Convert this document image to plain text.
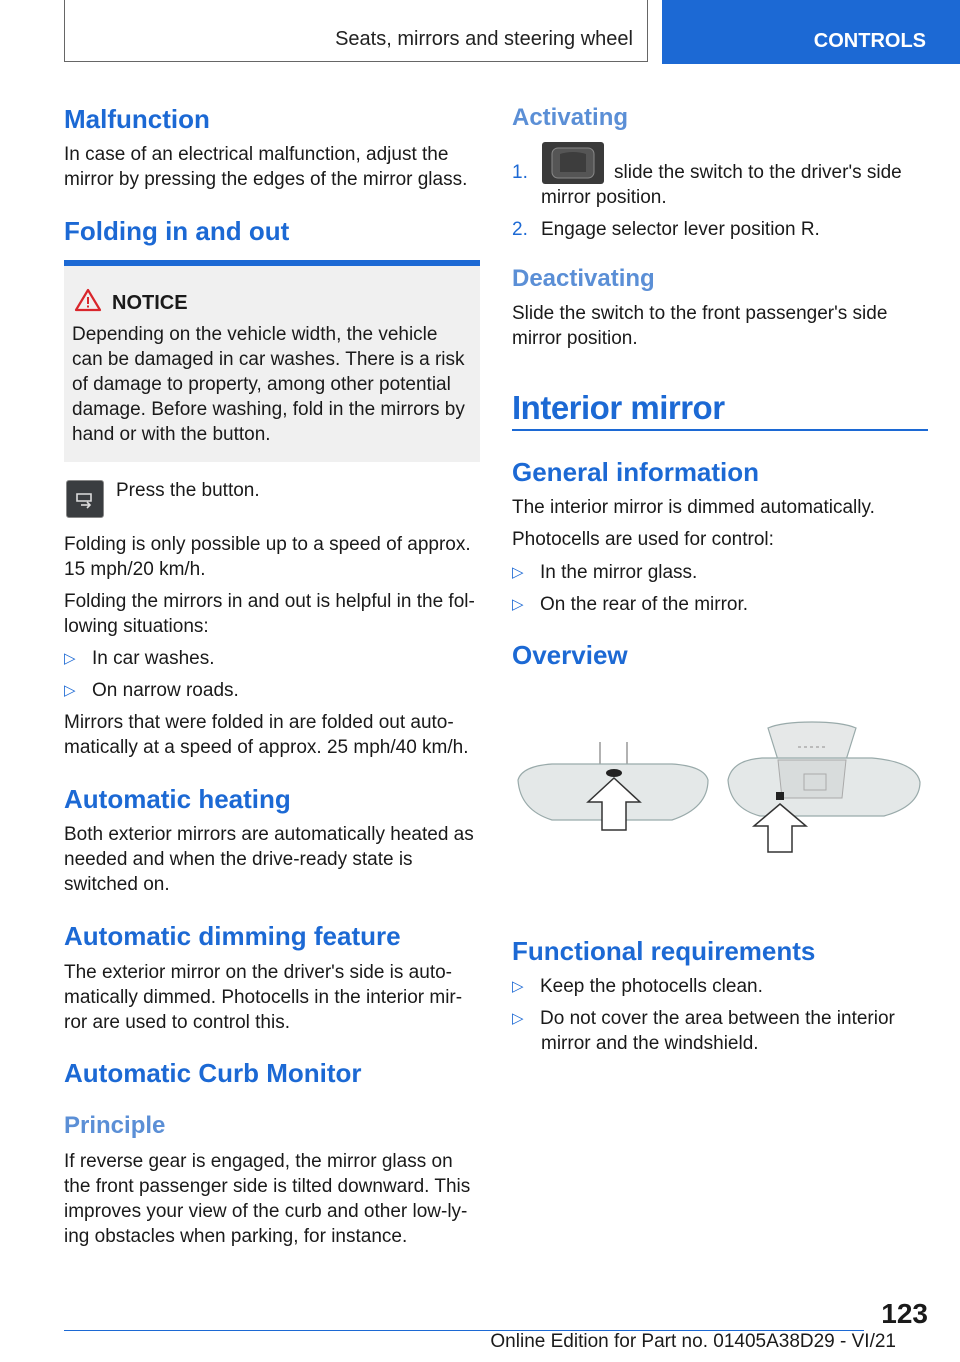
Seats, mirrors and steering wheel	CONTROLS
Malfunction
In case of an electrical malfunction, adjust the mirror by pressing the edges of the mirror glass.
Folding in and out
NOTICE
Depending on the vehicle width, the vehicle can be damaged in car washes. There is a risk of damage to property, among other potential damage. Before washing, fold in the mirrors by hand or with the button.
Press the button.
Folding is only possible up to a speed of approx. 15 mph/20 km/h.
Folding the mirrors in and out is helpful in the fol‐lowing situations:
▷ In car washes.
▷ On narrow roads.
Mirrors that were folded in are folded out auto‐matically at a speed of approx. 25 mph/40 km/h.
Automatic heating
Both exterior mirrors are automatically heated as needed and when the drive-ready state is switched on.
Automatic dimming feature
The exterior mirror on the driver's side is auto‐matically dimmed. Photocells in the interior mir‐ror are used to control this.
Automatic Curb Monitor
Principle
If reverse gear is engaged, the mirror glass on the front passenger side is tilted downward. This improves your view of the curb and other low-ly‐ing obstacles when parking, for instance.
Activating
1.	slide the switch to the driver's side
mirror position.
2. Engage selector lever position R.
Deactivating
Slide the switch to the front passenger's side mirror position.
Interior mirror
General information
The interior mirror is dimmed automatically.
Photocells are used for control:
▷ In the mirror glass.
▷ On the rear of the mirror.
Overview
Functional requirements
▷ Keep the photocells clean.
▷ Do not cover the area between the interior
mirror and the windshield.
123
Online Edition for Part no. 01405A38D29 - VI/21
